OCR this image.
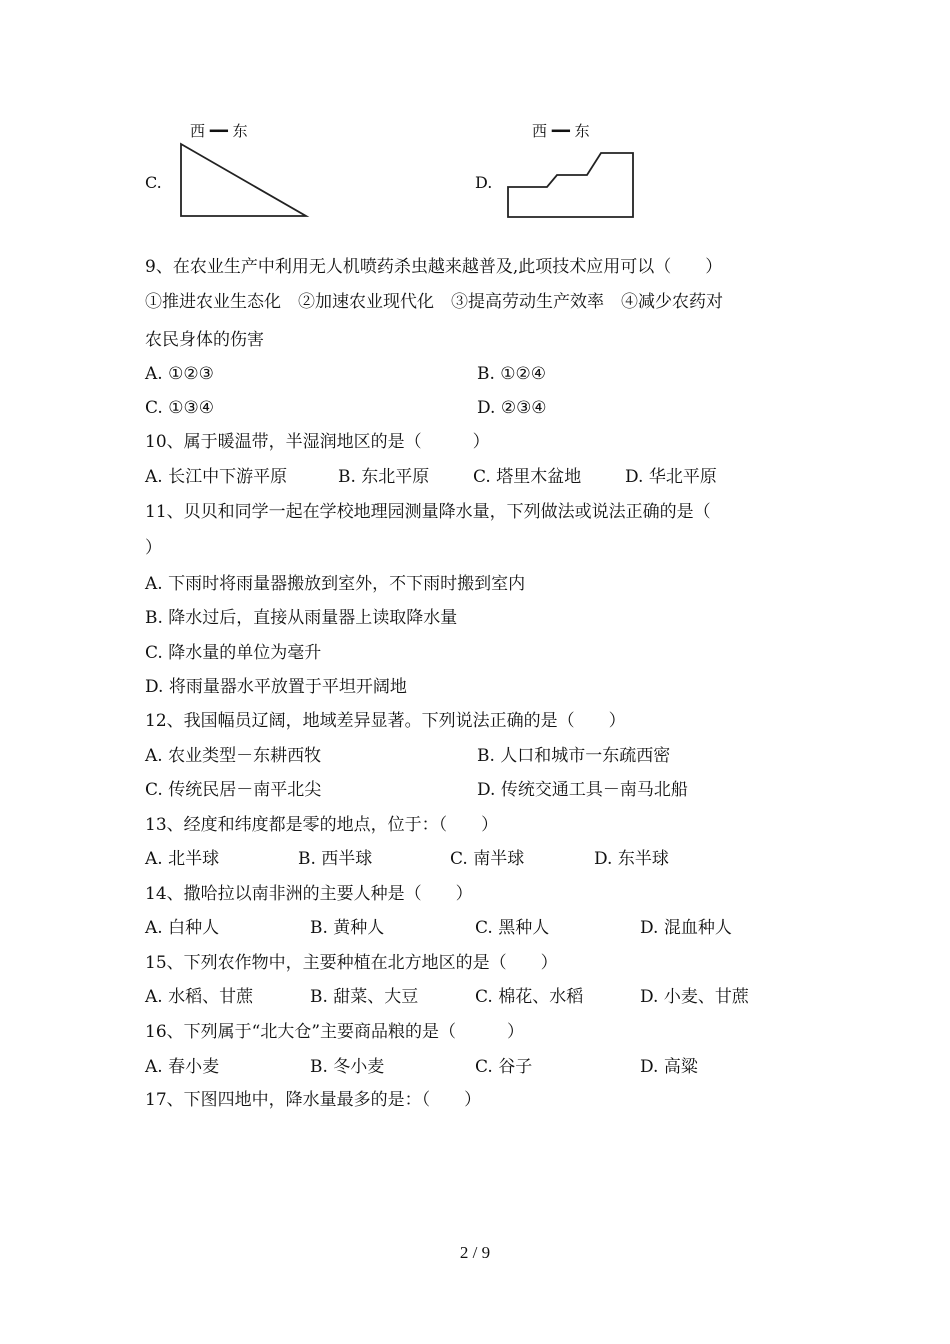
西 ━━ 东
C.
西 ━━ 东
D.
9、在农业生产中利用无人机喷药杀虫越来越普及,此项技术应用可以（　　）
①推进农业生态化　②加速农业现代化　③提高劳动生产效率　④减少农药对
农民身体的伤害
A. ①②③	B. ①②④
C. ①③④	D. ②③④
10、属于暖温带，半湿润地区的是（　　　）
A. 长江中下游平原	B. 东北平原	C. 塔里木盆地	D. 华北平原
11、贝贝和同学一起在学校地理园测量降水量，下列做法或说法正确的是（
）
A. 下雨时将雨量器搬放到室外，不下雨时搬到室内
B. 降水过后，直接从雨量器上读取降水量
C. 降水量的单位为毫升
D. 将雨量器水平放置于平坦开阔地
12、我国幅员辽阔，地域差异显著。下列说法正确的是（　　）
A. 农业类型－东耕西牧	B. 人口和城市一东疏西密
C. 传统民居－南平北尖	D. 传统交通工具－南马北船
13、经度和纬度都是零的地点，位于：（　　）
A. 北半球	B. 西半球	C. 南半球	D. 东半球
14、撒哈拉以南非洲的主要人种是（　　）
A. 白种人	B. 黄种人	C. 黑种人	D. 混血种人
15、下列农作物中，主要种植在北方地区的是（　　）
A. 水稻、甘蔗	B. 甜菜、大豆	C. 棉花、水稻	D. 小麦、甘蔗
16、下列属于“北大仓”主要商品粮的是（　　　）
A. 春小麦	B. 冬小麦	C. 谷子	D. 高粱
17、下图四地中，降水量最多的是：（　　）
2 / 9
